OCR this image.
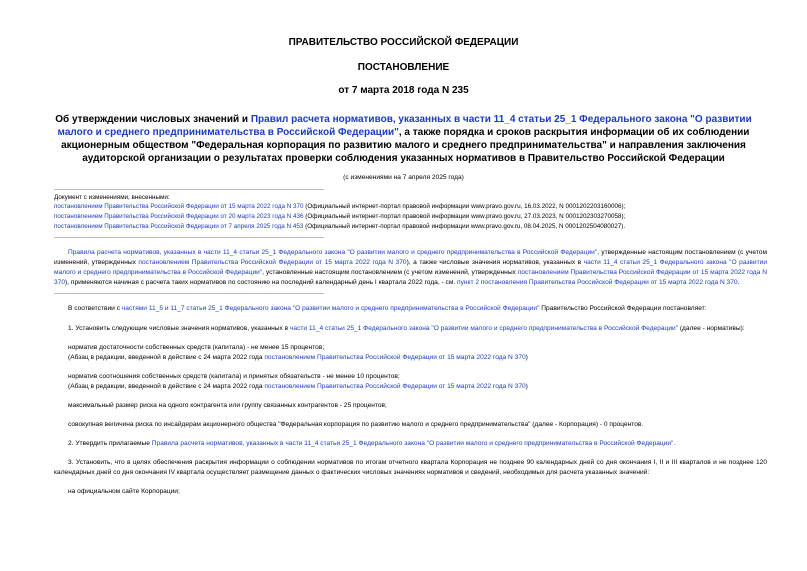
ПРАВИТЕЛЬСТВО РОССИЙСКОЙ ФЕДЕРАЦИИ
ПОСТАНОВЛЕНИЕ
от 7 марта 2018 года N 235
Об утверждении числовых значений и Правил расчета нормативов, указанных в части 11_4 статьи 25_1 Федерального закона "О развитии малого и среднего предпринимательства в Российской Федерации", а также порядка и сроков раскрытия информации об их соблюдении акционерным обществом "Федеральная корпорация по развитию малого и среднего предпринимательства" и направления заключения аудиторской организации о результатах проверки соблюдения указанных нормативов в Правительство Российской Федерации
(с изменениями на 7 апреля 2025 года)

Документ с изменениями, внесенными:

постановлением Правительства Российской Федерации от 15 марта 2022 года N 370 (Официальный интернет-портал правовой информации www.pravo.gov.ru, 16.03.2022, N 0001202203160006);

постановлением Правительства Российской Федерации от 20 марта 2023 года N 436 (Официальный интернет-портал правовой информации www.pravo.gov.ru, 27.03.2023, N 0001202303270058);

постановлением Правительства Российской Федерации от 7 апреля 2025 года N 453 (Официальный интернет-портал правовой информации www.pravo.gov.ru, 08.04.2025, N 0001202504080027).

Правила расчета нормативов, указанных в части 11_4 статьи 25_1 Федерального закона "О развитии малого и среднего предпринимательства в Российской Федерации", утвержденные настоящим постановлением (с учетом изменений, утвержденных постановлением Правительства Российской Федерации от 15 марта 2022 года N 370), а также числовые значения нормативов, указанных в части 11_4 статьи 25_1 Федерального закона "О развитии малого и среднего предпринимательства в Российской Федерации", установленные настоящим постановлением (с учетом изменений, утвержденных постановлением Правительства Российской Федерации от 15 марта 2022 года N 370), применяются начиная с расчета таких нормативов по состоянию на последний календарный день I квартала 2022 года, - см. пункт 2 постановления Правительства Российской Федерации от 15 марта 2022 года N 370.
В соответствии с частями 11_5 и 11_7 статьи 25_1 Федерального закона "О развитии малого и среднего предпринимательства в Российской Федерации" Правительство Российской Федерации постановляет:
1. Установить следующие числовые значения нормативов, указанных в части 11_4 статьи 25_1 Федерального закона "О развитии малого и среднего предпринимательства в Российской Федерации" (далее - нормативы):

норматив достаточности собственных средств (капитала) - не менее 15 процентов;

(Абзац в редакции, введенной в действие с 24 марта 2022 года постановлением Правительства Российской Федерации от 15 марта 2022 года N 370)

норматив соотношения собственных средств (капитала) и принятых обязательств - не менее 10 процентов;

(Абзац в редакции, введенной в действие с 24 марта 2022 года постановлением Правительства Российской Федерации от 15 марта 2022 года N 370)

максимальный размер риска на одного контрагента или группу связанных контрагентов - 25 процентов;
совокупная величина риска по инсайдерам акционерного общества "Федеральная корпорация по развитию малого и среднего предпринимательства" (далее - Корпорация) - 0 процентов.
2. Утвердить прилагаемые Правила расчета нормативов, указанных в части 11_4 статьи 25_1 Федерального закона "О развитии малого и среднего предпринимательства в Российской Федерации".
3. Установить, что в целях обеспечения раскрытия информации о соблюдении нормативов по итогам отчетного квартала Корпорация не позднее 90 календарных дней со дня окончания I, II и III кварталов и не позднее 120 календарных дней со дня окончания IV квартала осуществляет размещение данных о фактических числовых значениях нормативов и сведений, необходимых для расчета указанных значений:
на официальном сайте Корпорации;
